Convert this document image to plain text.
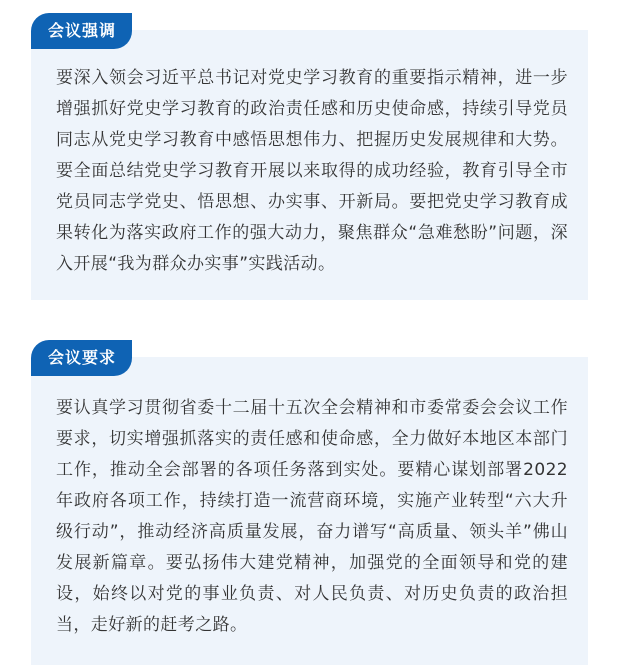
会议强调

要深入领会习近平总书记对党史学习教育的重要指示精神，进一步增强抓好党史学习教育的政治责任感和历史使命感，持续引导党员同志从党史学习教育中感悟思想伟力、把握历史发展规律和大势。要全面总结党史学习教育开展以来取得的成功经验，教育引导全市党员同志学党史、悟思想、办实事、开新局。要把党史学习教育成果转化为落实政府工作的强大动力，聚焦群众“急难愁盼”问题，深入开展“我为群众办实事”实践活动。

会议要求

要认真学习贯彻省委十二届十五次全会精神和市委常委会会议工作要求，切实增强抓落实的责任感和使命感，全力做好本地区本部门工作，推动全会部署的各项任务落到实处。要精心谋划部署2022年政府各项工作，持续打造一流营商环境，实施产业转型“六大升级行动”，推动经济高质量发展，奋力谱写“高质量、领头羊”佛山发展新篇章。要弘扬伟大建党精神，加强党的全面领导和党的建设，始终以对党的事业负责、对人民负责、对历史负责的政治担当，走好新的赶考之路。
